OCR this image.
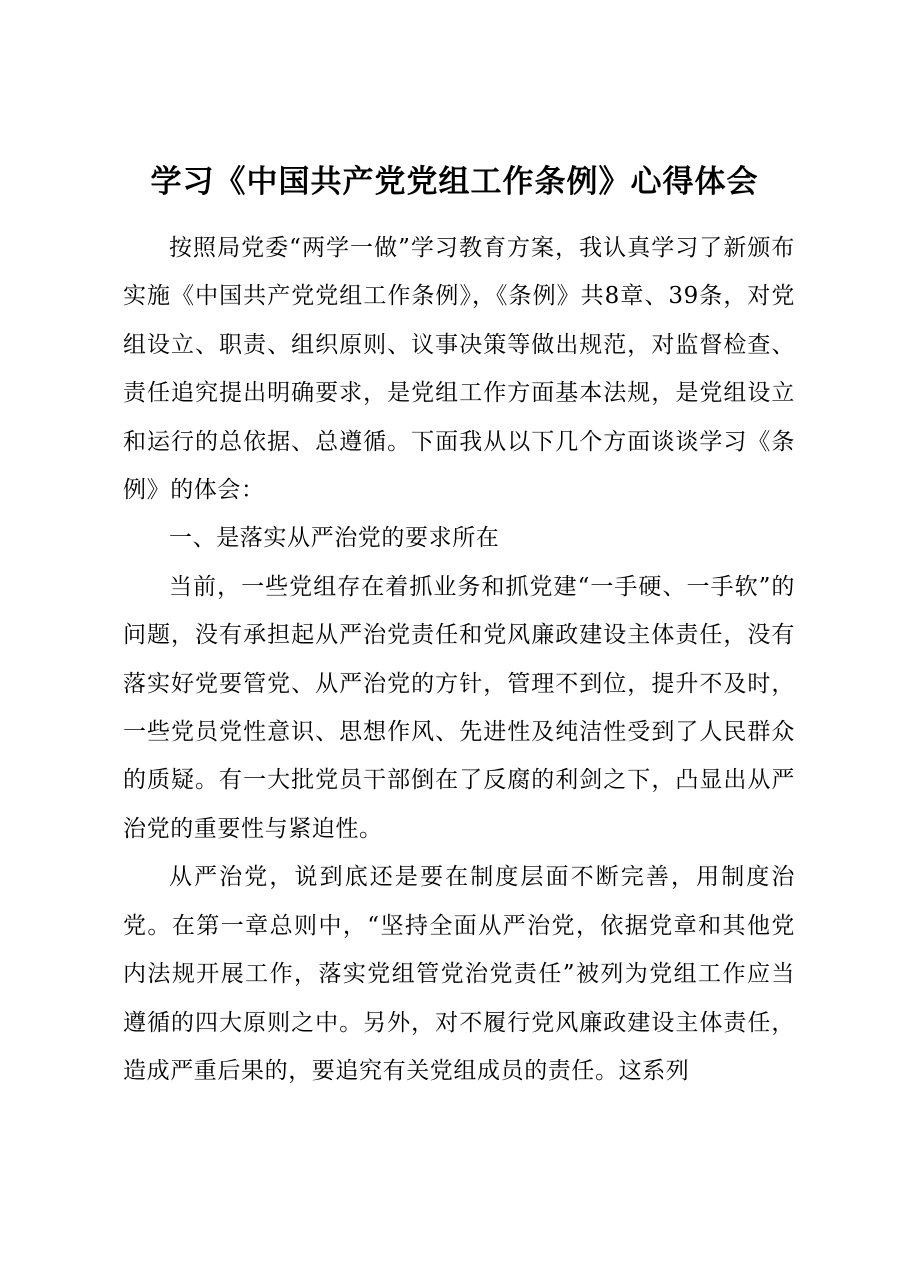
学习《中国共产党党组工作条例》心得体会

按照局党委“两学一做”学习教育方案，我认真学习了新颁布实施《中国共产党党组工作条例》，《条例》共8章、39条，对党组设立、职责、组织原则、议事决策等做出规范，对监督检查、责任追究提出明确要求，是党组工作方面基本法规，是党组设立和运行的总依据、总遵循。下面我从以下几个方面谈谈学习《条例》的体会：

一、是落实从严治党的要求所在

当前，一些党组存在着抓业务和抓党建“一手硬、一手软”的问题，没有承担起从严治党责任和党风廉政建设主体责任，没有落实好党要管党、从严治党的方针，管理不到位，提升不及时，一些党员党性意识、思想作风、先进性及纯洁性受到了人民群众的质疑。有一大批党员干部倒在了反腐的利剑之下，凸显出从严治党的重要性与紧迫性。

从严治党，说到底还是要在制度层面不断完善，用制度治党。在第一章总则中，“坚持全面从严治党，依据党章和其他党内法规开展工作，落实党组管党治党责任”被列为党组工作应当遵循的四大原则之中。另外，对不履行党风廉政建设主体责任，造成严重后果的，要追究有关党组成员的责任。这系列
